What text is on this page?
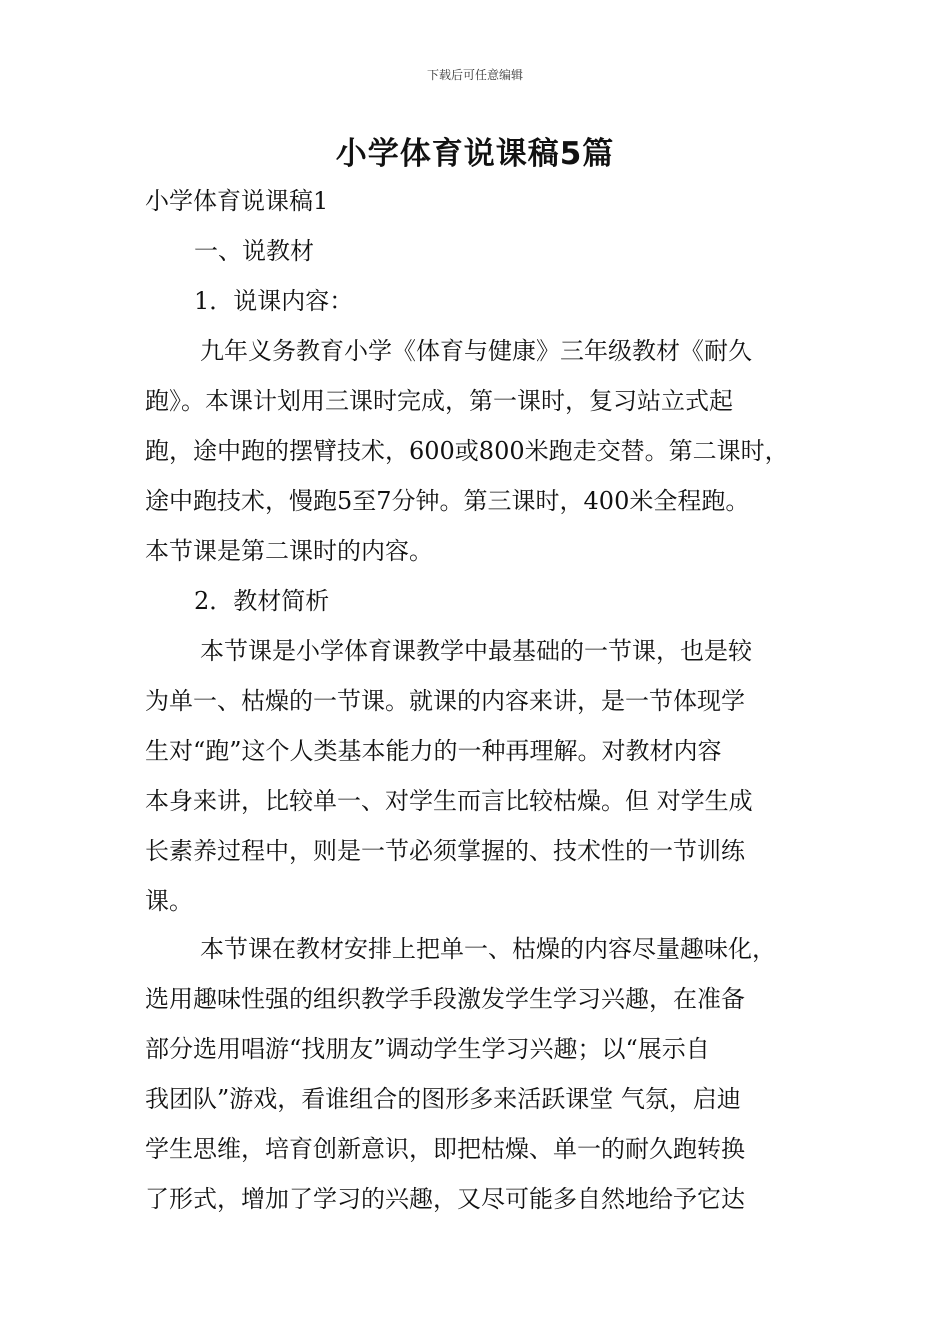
下载后可任意编辑
小学体育说课稿5篇
小学体育说课稿1
一、说教材
1．说课内容：
九年义务教育小学《体育与健康》三年级教材《耐久
跑》。本课计划用三课时完成，第一课时，复习站立式起
跑，途中跑的摆臂技术，600或800米跑走交替。第二课时，
途中跑技术，慢跑5至7分钟。第三课时，400米全程跑。
本节课是第二课时的内容。
2．教材简析
本节课是小学体育课教学中最基础的一节课，也是较
为单一、枯燥的一节课。就课的内容来讲，是一节体现学
生对“跑”这个人类基本能力的一种再理解。对教材内容
本身来讲，比较单一、对学生而言比较枯燥。但 对学生成
长素养过程中，则是一节必须掌握的、技术性的一节训练
课。
本节课在教材安排上把单一、枯燥的内容尽量趣味化，
选用趣味性强的组织教学手段激发学生学习兴趣，在准备
部分选用唱游“找朋友”调动学生学习兴趣；以“展示自
我团队”游戏，看谁组合的图形多来活跃课堂 气氛，启迪
学生思维，培育创新意识，即把枯燥、单一的耐久跑转换
了形式，增加了学习的兴趣，又尽可能多自然地给予它达
